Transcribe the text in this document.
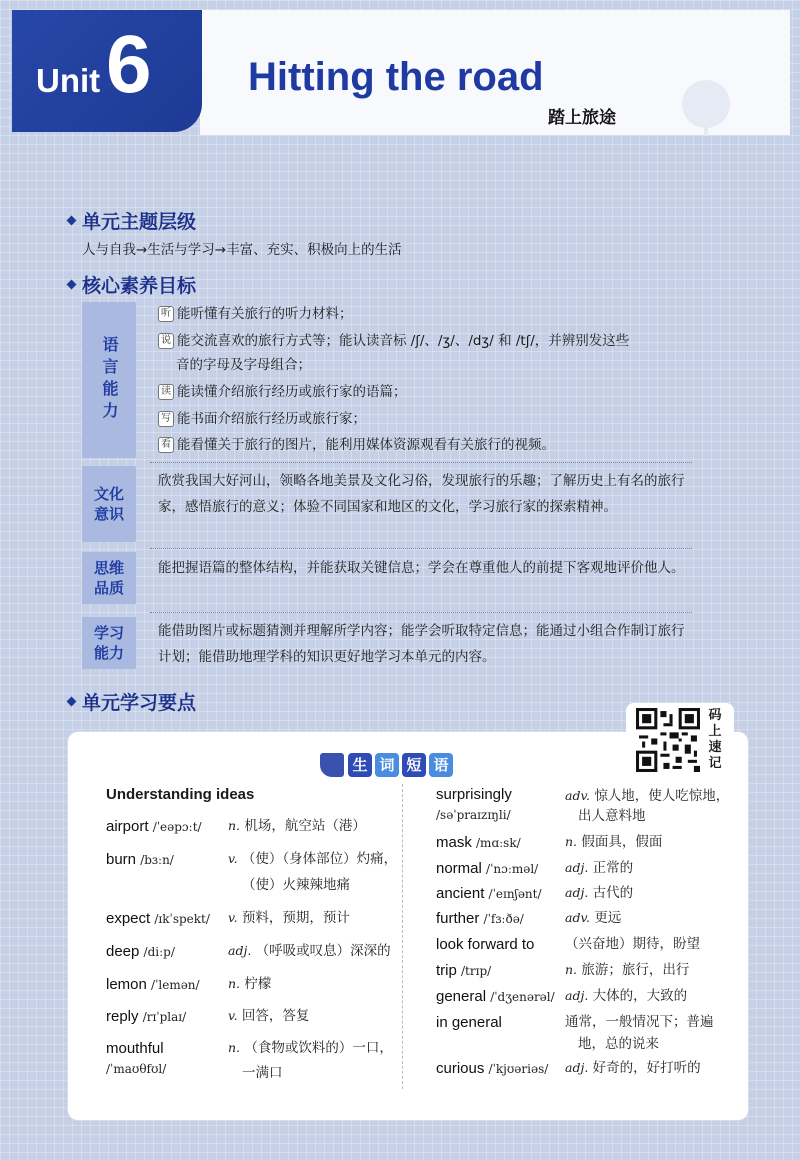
Unit 6 Hitting the road
踏上旅途
单元主题层级
人与自我→生活与学习→丰富、充实、积极向上的生活
核心素养目标
语言能力
听 能听懂有关旅行的听力材料；
说 能交流喜欢的旅行方式等；能认读音标 /ʃ/、/ʒ/、/dʒ/ 和 /tʃ/，并辨别发这些
音的字母及字母组合；
读 能读懂介绍旅行经历或旅行家的语篇；
写 能书面介绍旅行经历或旅行家；
看 能看懂关于旅行的图片，能利用媒体资源观看有关旅行的视频。
文化
意识
欣赏我国大好河山，领略各地美景及文化习俗，发现旅行的乐趣；了解历史上有名的旅行家，感悟旅行的意义；体验不同国家和地区的文化，学习旅行家的探索精神。
思维
品质
能把握语篇的整体结构，并能获取关键信息；学会在尊重他人的前提下客观地评价他人。
学习
能力
能借助图片或标题猜测并理解所学内容；能学会听取特定信息；能通过小组合作制订旅行计划；能借助地理学科的知识更好地学习本单元的内容。
单元学习要点
码
上
速
记
生 词 短 语
Understanding ideas
airport /ˈeəpɔːt/ n. 机场，航空站（港）
burn /bɜːn/	v. （使）（身体部位）灼痛，
（使）火辣辣地痛
expect /ɪkˈspekt/ v. 预料，预期，预计
deep /diːp/	adj. （呼吸或叹息）深深的
lemon /ˈlemən/ n. 柠檬
reply /rɪˈplaɪ/	v. 回答，答复
mouthful
/ˈmaʊθfʊl/
n. （食物或饮料的）一口，
一满口
surprisingly
/səˈpraɪzɪŋli/
adv. 惊人地，使人吃惊地，
出人意料地
mask /mɑːsk/	n. 假面具，假面
normal /ˈnɔːməl/ adj. 正常的
ancient /ˈeɪnʃənt/ adj. 古代的
further /ˈfɜːðə/	adv. 更远
look forward to （兴奋地）期待，盼望
trip /trɪp/	n. 旅游；旅行，出行
general /ˈdʒenərəl/ adj. 大体的，大致的
in general	通常，一般情况下；普遍
地，总的说来
curious /ˈkjʊəriəs/ adj. 好奇的，好打听的
